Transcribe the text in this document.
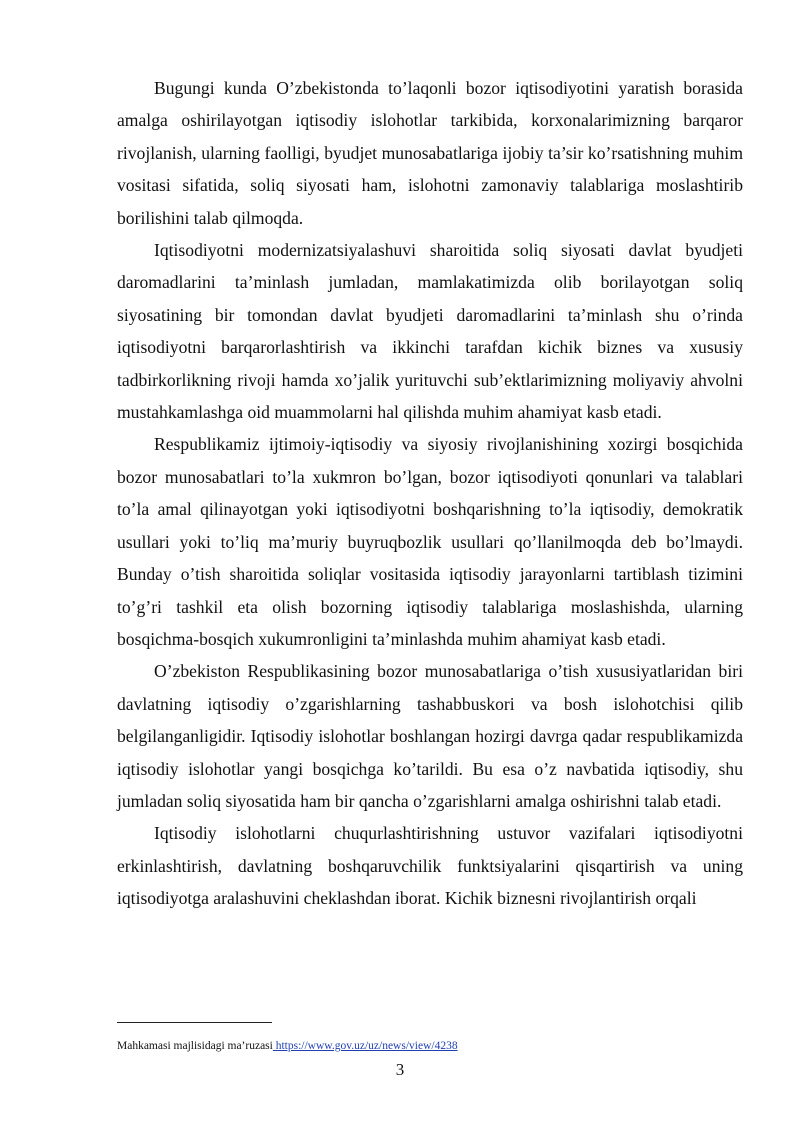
Bugungi kunda O’zbekistonda to’laqonli bozor iqtisodiyotini yaratish borasida amalga oshirilayotgan iqtisodiy islohotlar tarkibida, korxonalarimizning barqaror rivojlanish, ularning faolligi, byudjet munosabatlariga ijobiy ta’sir ko’rsatishning muhim vositasi sifatida, soliq siyosati ham, islohotni zamonaviy talablariga moslashtirib borilishini talab qilmoqda.

Iqtisodiyotni modernizatsiyalashuvi sharoitida soliq siyosati davlat byudjeti daromadlarini ta’minlash jumladan, mamlakatimizda olib borilayotgan soliq siyosatining bir tomondan davlat byudjeti daromadlarini ta’minlash shu o’rinda iqtisodiyotni barqarorlashtirish va ikkinchi tarafdan kichik biznes va xususiy tadbirkorlikning rivoji hamda xo’jalik yurituvchi sub’ektlarimizning moliyaviy ahvolni mustahkamlashga oid muammolarni hal qilishda muhim ahamiyat kasb etadi.

Respublikamiz ijtimoiy-iqtisodiy va siyosiy rivojlanishining xozirgi bosqichida bozor munosabatlari to’la xukmron bo’lgan, bozor iqtisodiyoti qonunlari va talablari to’la amal qilinayotgan yoki iqtisodiyotni boshqarishning to’la iqtisodiy, demokratik usullari yoki to’liq ma’muriy buyruqbozlik usullari qo’llanilmoqda deb bo’lmaydi. Bunday o’tish sharoitida soliqlar vositasida iqtisodiy jarayonlarni tartiblash tizimini to’g’ri tashkil eta olish bozorning iqtisodiy talablariga moslashishda, ularning bosqichma-bosqich xukumronligini ta’minlashda muhim ahamiyat kasb etadi.

O’zbekiston Respublikasining bozor munosabatlariga o’tish xususiyatlaridan biri davlatning iqtisodiy o’zgarishlarning tashabbuskori va bosh islohotchisi qilib belgilanganligidir. Iqtisodiy islohotlar boshlangan hozirgi davrga qadar respublikamizda iqtisodiy islohotlar yangi bosqichga ko’tarildi. Bu esa o’z navbatida iqtisodiy, shu jumladan soliq siyosatida ham bir qancha o’zgarishlarni amalga oshirishni talab etadi.

Iqtisodiy islohotlarni chuqurlashtirishning ustuvor vazifalari iqtisodiyotni erkinlashtirish, davlatning boshqaruvchilik funktsiyalarini qisqartirish va uning iqtisodiyotga aralashuvini cheklashdan iborat. Kichik biznesni rivojlantirish orqali

Mahkamasi majlisidagi ma’ruzasi https://www.gov.uz/uz/news/view/4238
3
